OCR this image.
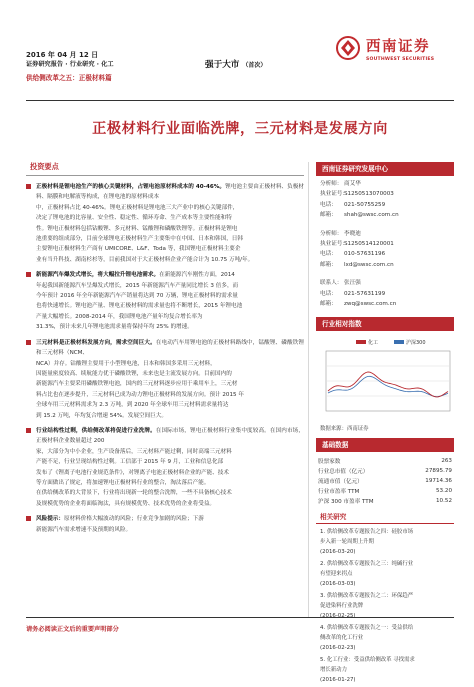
2016 年 04 月 12 日
证券研究报告 · 行业研究 · 化工
供给侧改革之五：正极材料篇
强于大市 （首次）
西南证券
SOUTHWEST SECURITIES
正极材料行业面临洗牌，三元材料是发展方向
投资要点
正极材料是锂电池生产的核心关键材料，占锂电池原材料成本的 40-46%。锂电池主要由正极材料、负极材料、隔膜和电解液等构成，在锂电池的原材料成本
中，正极材料占比 40-46%。锂电正极材料是锂电池三大产业中的核心关键部件，
决定了锂电池的比容量、安全性、稳定性、循环寿命、生产成本等主要性能和特
性。锂电正极材料包括钴酸锂、多元材料、锰酸锂和磷酸铁锂等。正极材料是锂电
池重要的组成部分，目前全球锂电正极材料生产主要集中在中国、日本和韩国，日韩
主要锂电正极材料生产商有 UMICORE、L&F、Toda 等，我国锂电正极材料主要企
业有当升科技、湖南杉杉等，目前我国对于大正极材料企业产能合计为 10.75 万吨/年。
新能源汽车爆发式增长，将大幅拉升锂电池需求。在新能源汽车刚性方面，2014
年起我国新能源汽车呈爆发式增长，2015 年新能源汽车产量同比增长 3 倍多，而
今年预计 2016 年全年新能源汽车产销量将达到 70 万辆，锂电正极材料的需求量
也将快速增长。锂电池产量、锂电正极材料的需求量也将不断增长，2015 年锂电池
产量大幅增长。2008-2014 年，我国锂电池产量年均复合增长率为
31.3%，预计未来几年锂电池需求量将保持年均 25% 的增速。
三元材料是正极材料发展方向，需求空间巨大。在电动汽车用锂电池的正极材料路线中，锰酸锂、磷酸铁锂和三元材料（NCM、
NCA）并存。钴酸锂主要用于小型锂电池，日本和韩国多采用三元材料，
因能量密度较高、续航能力优于磷酸铁锂，未来也是主流发展方向。目前国内的
新能源汽车主要采用磷酸铁锂电池，国内的三元材料逐步应用于乘用车上，三元材
料占比也在逐步提升，三元材料已成为动力锂电正极材料的发展方向。预计 2015 年
全球车用三元材料需求为 2.3 万吨，到 2020 年全球车用三元材料需求量将达
到 15.2 万吨，年均复合增速 54%。发展空间巨大。
行业结构性过剩，供给侧改革将促进行业洗牌。在国际市场，锂电正极材料行业集中度较高。在国内市场，正极材料企业数量超过 200
家，大部分为中小企业，生产设备落后，三元材料产能过剩，同时高端三元材料
产能不足，行业呈现结构性过剩。工信部于 2015 年 9 月，工业和信息化部
发布了《锂离子电池行业规范条件》，对锂离子电池正极材料企业的产能、技术
等方面做出了规定，将加速锂电正极材料行业的整合，淘汰落后产能。
在供给侧改革的大背景下，行业将出现新一轮的整合洗牌，一些不具备核心技术
及规模优势的企业将面临淘汰，具有规模优势、技术优势的企业将受益。
风险提示：原材料价格大幅波动的风险；行业竞争加剧的风险；下游
新能源汽车需求增速不及预期的风险。
西南证券研究发展中心
分析师： 商艾华
执业证号：
S1250513070003
电话：	021-50755259
邮箱：	shah@swsc.com.cn
分析师： 李晓迪
执业证号：
S1250514120001
电话：	010-57631196
邮箱：	lxd@swsc.com.cn
联系人： 张汪强
电话：	021-57631199
邮箱：	zwq@swsc.com.cn
行业相对指数
化工	沪深300
数据来源：西南证券
基础数据
股票家数	263
行业总市值（亿元）	27895.79
流通市值（亿元）	19714.36
行业市盈率 TTM	53.20
沪深 300 市盈率 TTM	10.52
相关研究
1. 供给侧改革专题报告之四：硅胶市场
步入新一轮周期上升期
(2016-03-20)
2. 供给侧改革专题报告之三：纯碱行业
有望迎来拐点
(2016-03-03)
3. 供给侧改革专题报告之二：环保趋严
促进染料行业洗牌
(2016-02-25)
4. 供给侧改革专题报告之一：受益供给
侧改革的化工行业
(2016-02-23)
5. 化工行业：受益供给侧改革 寻找需求
增长新动力
(2016-01-27)
请务必阅读正文后的重要声明部分
